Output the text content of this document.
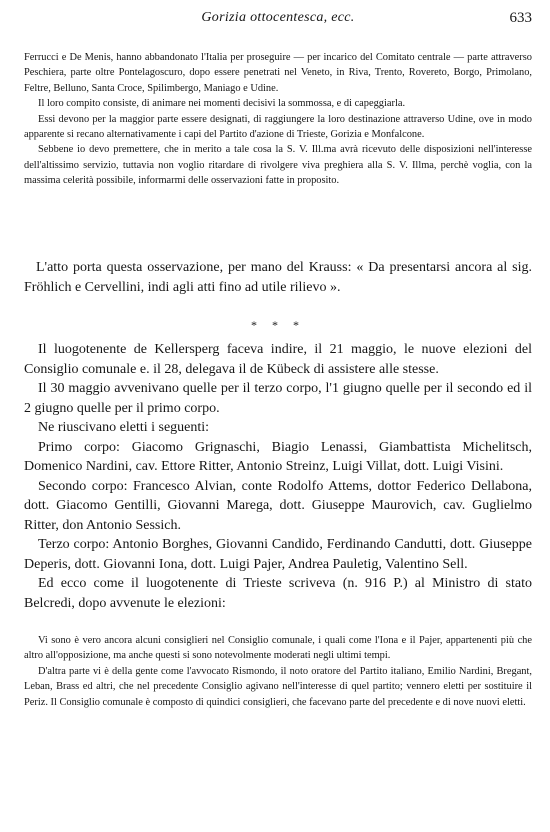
Gorizia ottocentesca, ecc.	633

Ferrucci e De Menis, hanno abbandonato l'Italia per proseguire — per incarico del Comitato centrale — parte attraverso Peschiera, parte oltre Pontelagoscuro, dopo essere penetrati nel Veneto, in Riva, Trento, Rovereto, Borgo, Primolano, Feltre, Belluno, Santa Croce, Spilimbergo, Maniago e Udine.

Il loro compito consiste, di animare nei momenti decisivi la sommossa, e di capeggiarla.

Essi devono per la maggior parte essere designati, di raggiungere la loro destinazione attraverso Udine, ove in modo apparente si recano alternativamente i capi del Partito d'azione di Trieste, Gorizia e Monfalcone.

Sebbene io devo premettere, che in merito a tale cosa la S. V. Ill.ma avrà ricevuto delle disposizioni nell'interesse dell'altissimo servizio, tuttavia non voglio ritardare di rivolgere viva preghiera alla S. V. Illma, perchè voglia, con la massima celerità possibile, informarmi delle osservazioni fatte in proposito.

L'atto porta questa osservazione, per mano del Krauss: « Da presentarsi ancora al sig. Fröhlich e Cervellini, indi agli atti fino ad utile rilievo ».

* * *

Il luogotenente de Kellersperg faceva indire, il 21 maggio, le nuove elezioni del Consiglio comunale e. il 28, delegava il de Kübeck di assistere alle stesse.

Il 30 maggio avvenivano quelle per il terzo corpo, l'1 giugno quelle per il secondo ed il 2 giugno quelle per il primo corpo.

Ne riuscivano eletti i seguenti:

Primo corpo: Giacomo Grignaschi, Biagio Lenassi, Giambattista Michelitsch, Domenico Nardini, cav. Ettore Ritter, Antonio Streinz, Luigi Villat, dott. Luigi Visini.

Secondo corpo: Francesco Alvian, conte Rodolfo Attems, dottor Federico Dellabona, dott. Giacomo Gentilli, Giovanni Marega, dott. Giuseppe Maurovich, cav. Guglielmo Ritter, don Antonio Sessich.

Terzo corpo: Antonio Borghes, Giovanni Candido, Ferdinando Candutti, dott. Giuseppe Deperis, dott. Giovanni Iona, dott. Luigi Pajer, Andrea Pauletig, Valentino Sell.

Ed ecco come il luogotenente di Trieste scriveva (n. 916 P.) al Ministro di stato Belcredi, dopo avvenute le elezioni:

Vi sono è vero ancora alcuni consiglieri nel Consiglio comunale, i quali come l'Iona e il Pajer, appartenenti più che altro all'opposizione, ma anche questi si sono notevolmente moderati negli ultimi tempi.

D'altra parte vi è della gente come l'avvocato Rismondo, il noto oratore del Partito italiano, Emilio Nardini, Bregant, Leban, Brass ed altri, che nel precedente Consiglio agivano nell'interesse di quel partito; vennero eletti per sostituire il Periz. Il Consiglio comunale è composto di quindici consiglieri, che facevano parte del precedente e di nove nuovi eletti.
